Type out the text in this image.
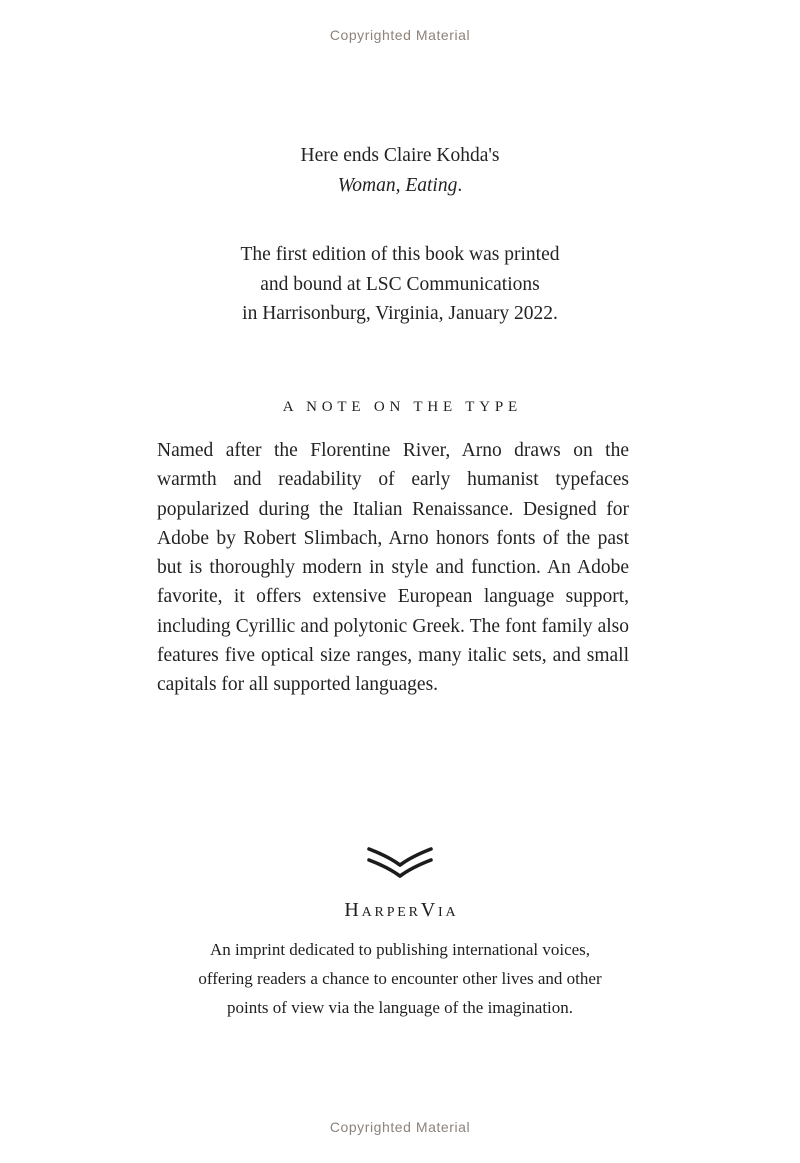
Copyrighted Material
Here ends Claire Kohda's
Woman, Eating.
The first edition of this book was printed
and bound at LSC Communications
in Harrisonburg, Virginia, January 2022.
A NOTE ON THE TYPE
Named after the Florentine River, Arno draws on the warmth and readability of early humanist typefaces popularized during the Italian Renaissance. Designed for Adobe by Robert Slimbach, Arno honors fonts of the past but is thoroughly modern in style and function. An Adobe favorite, it offers extensive European language support, including Cyrillic and polytonic Greek. The font family also features five optical size ranges, many italic sets, and small capitals for all supported languages.
HarperVia
An imprint dedicated to publishing international voices,
offering readers a chance to encounter other lives and other
points of view via the language of the imagination.
Copyrighted Material
